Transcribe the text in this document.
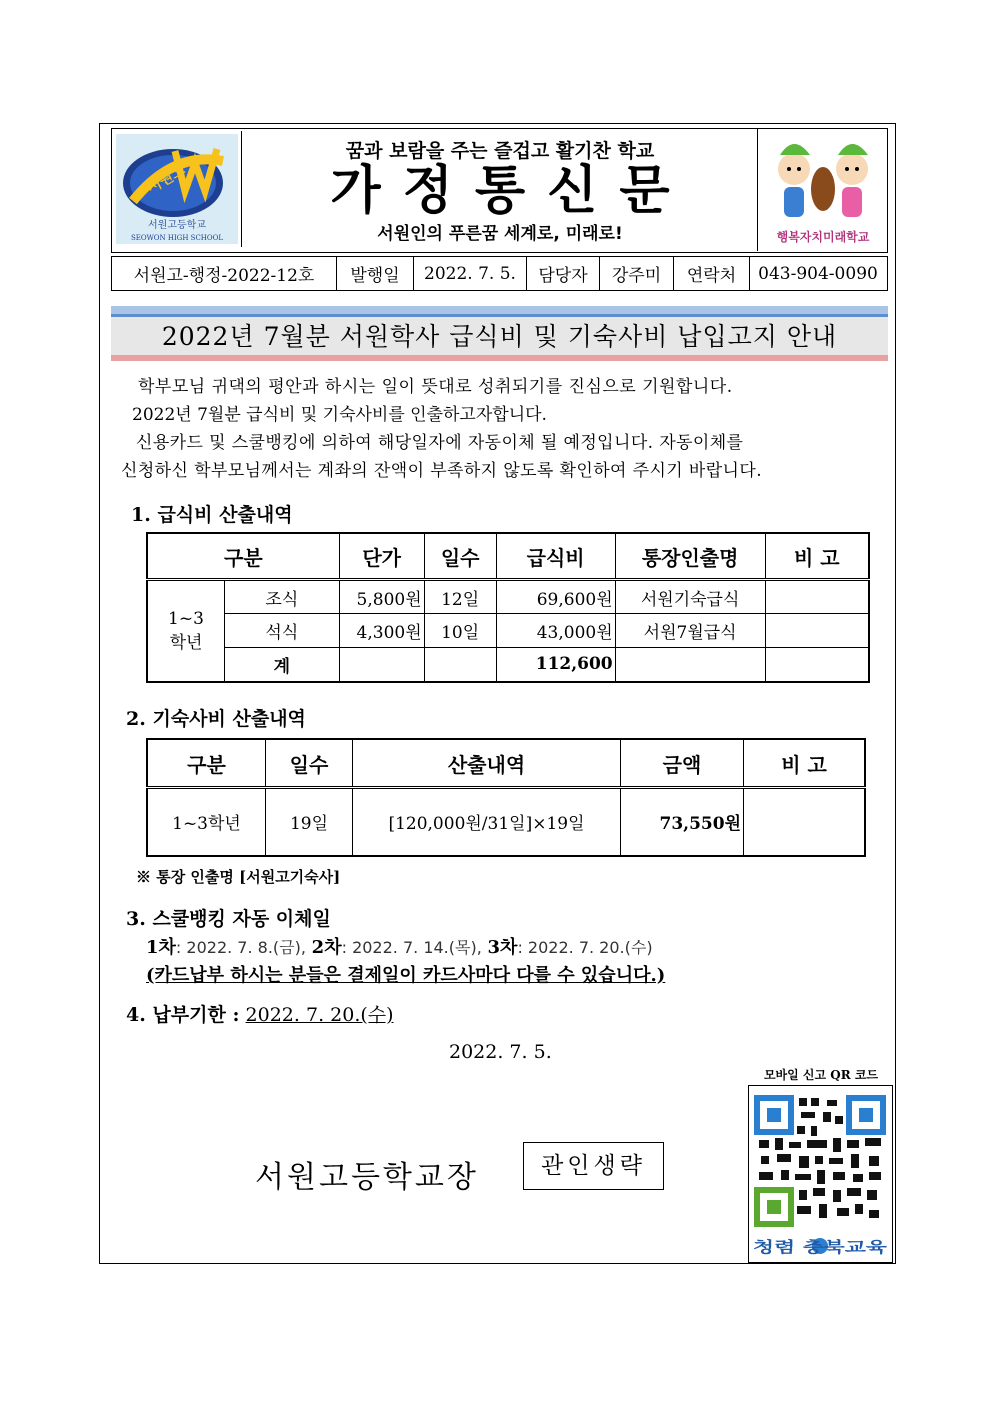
서원고
서원고등학교
SEOWON HIGH SCHOOL
꿈과 보람을 주는 즐겁고 활기찬 학교
가정통신문
서원인의 푸른꿈 세계로, 미래로!	행복자치미래학교
서원고-행정-2022-12호	발행일	2022. 7. 5.	담당자	강주미	연락처	043-904-0090
2022년 7월분 서원학사 급식비 및 기숙사비 납입고지 안내
학부모님 귀댁의 평안과 하시는 일이 뜻대로 성취되기를 진심으로 기원합니다.
2022년 7월분 급식비 및 기숙사비를 인출하고자합니다.
신용카드 및 스쿨뱅킹에 의하여 해당일자에 자동이체 될 예정입니다. 자동이체를
신청하신 학부모님께서는 계좌의 잔액이 부족하지 않도록 확인하여 주시기 바랍니다.
1. 급식비 산출내역
구분		단가	일수	급식비	통장인출명	비 고
1~3
학년	조식	5,800원	12일	69,600원	서원기숙급식	
	석식	4,300원	10일	43,000원	서원7월급식	
	계			112,600		
2. 기숙사비 산출내역
구분	일수	산출내역	금액	비 고
1~3학년	19일	[120,000원/31일]×19일	73,550원	
※ 통장 인출명 [서원고기숙사]
3. 스쿨뱅킹 자동 이체일
1차: 2022. 7. 8.(금), 2차: 2022. 7. 14.(목), 3차: 2022. 7. 20.(수)
(카드납부 하시는 분들은 결제일이 카드사마다 다를 수 있습니다.)
4. 납부기한 : 2022. 7. 20.(수)
2022. 7. 5.
서원고등학교장	관인생략
모바일 신고 QR 코드
청렴 충북교육
